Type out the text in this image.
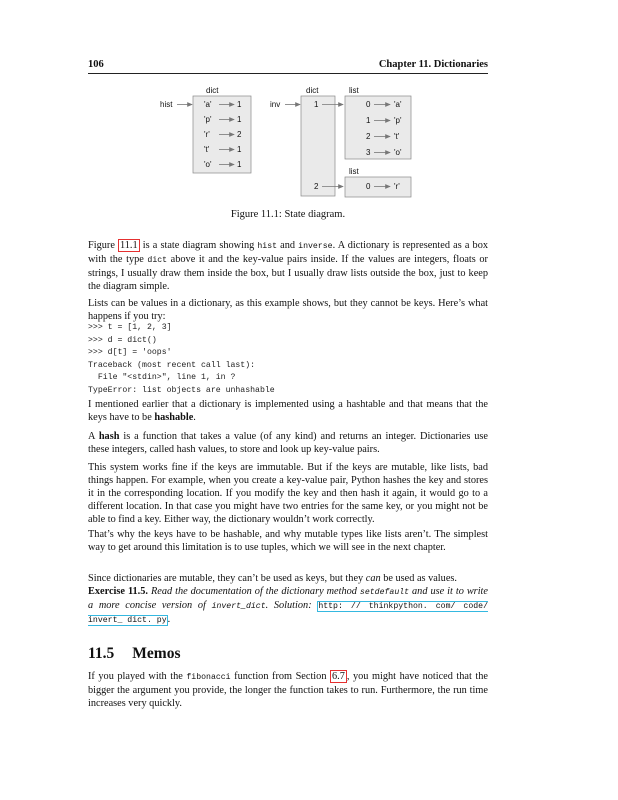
106	Chapter 11. Dictionaries
dict	dict	list
list
hist	inv
'a'	1
'p'	1
'r'	2
't'	1
'o'	1
1
2
0	'a'
1	'p'
2	't'
3	'o'
0	'r'
Figure 11.1: State diagram.

Figure 11.1 is a state diagram showing hist and inverse. A dictionary is represented as a box with the type dict above it and the key-value pairs inside. If the values are integers, floats or strings, I usually draw them inside the box, but I usually draw lists outside the box, just to keep the diagram simple.

Lists can be values in a dictionary, as this example shows, but they cannot be keys. Here’s what happens if you try:
>>> t = [1, 2, 3]
>>> d = dict()
>>> d[t] = 'oops'
Traceback (most recent call last):
File "<stdin>", line 1, in ?
TypeError: list objects are unhashable

I mentioned earlier that a dictionary is implemented using a hashtable and that means that the keys have to be hashable.

A hash is a function that takes a value (of any kind) and returns an integer. Dictionaries use these integers, called hash values, to store and look up key-value pairs.

This system works fine if the keys are immutable. But if the keys are mutable, like lists, bad things happen. For example, when you create a key-value pair, Python hashes the key and stores it in the corresponding location. If you modify the key and then hash it again, it would go to a different location. In that case you might have two entries for the same key, or you might not be able to find a key. Either way, the dictionary wouldn’t work correctly.
That’s why the keys have to be hashable, and why mutable types like lists aren’t. The simplest way to get around this limitation is to use tuples, which we will see in the next chapter.

Since dictionaries are mutable, they can’t be used as keys, but they can be used as values.

Exercise 11.5. Read the documentation of the dictionary method setdefault and use it to write a more concise version of invert_dict. Solution: http: // thinkpython. com/ code/ invert_ dict. py.

11.5 Memos

If you played with the fibonacci function from Section 6.7 , you might have noticed that the bigger the argument you provide, the longer the function takes to run. Furthermore, the run time increases very quickly.
